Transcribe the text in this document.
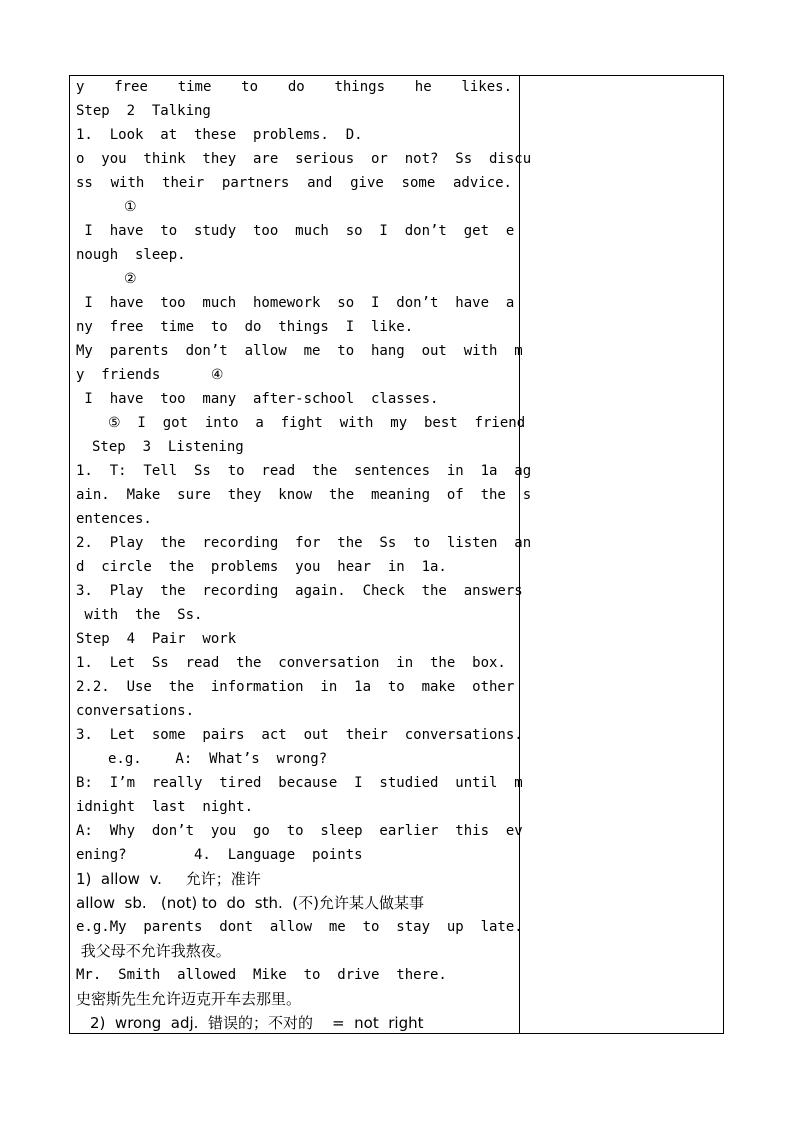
y  free  time  to  do  things  he  likes.
Step  2  Talking
1.  Look  at  these  problems.  D.
o  you  think  they  are  serious  or  not?  Ss  discu
ss  with  their  partners  and  give  some  advice.
①
I  have  to  study  too  much  so  I  don’t  get  e
nough  sleep.
②
I  have  too  much  homework  so  I  don’t  have  a
ny  free  time  to  do  things  I  like.
My  parents  don’t  allow  me  to  hang  out  with  m
y  friends      ④
I  have  too  many  after-school  classes.
⑤  I  got  into  a  fight  with  my  best  friend
Step  3  Listening
1.  T:  Tell  Ss  to  read  the  sentences  in  1a  ag
ain.  Make  sure  they  know  the  meaning  of  the  s
entences.
2.  Play  the  recording  for  the  Ss  to  listen  an
d  circle  the  problems  you  hear  in  1a.
3.  Play  the  recording  again.  Check  the  answers
with  the  Ss.
Step  4  Pair  work
1.  Let  Ss  read  the  conversation  in  the  box.
2.2.  Use  the  information  in  1a  to  make  other
conversations.
3.  Let  some  pairs  act  out  their  conversations.
e.g.    A:  What’s  wrong?
B:  I’m  really  tired  because  I  studied  until  m
idnight  last  night.
A:  Why  don’t  you  go  to  sleep  earlier  this  ev
ening?        4.  Language  points
1)  allow  v.     允许；准许
allow  sb.   (not) to  do  sth.  (不)允许某人做某事
e.g.My  parents  dont  allow  me  to  stay  up  late.
我父母不允许我熬夜。
Mr.  Smith  allowed  Mike  to  drive  there.
史密斯先生允许迈克开车去那里。
2)  wrong  adj.  错误的；不对的    =  not  right
